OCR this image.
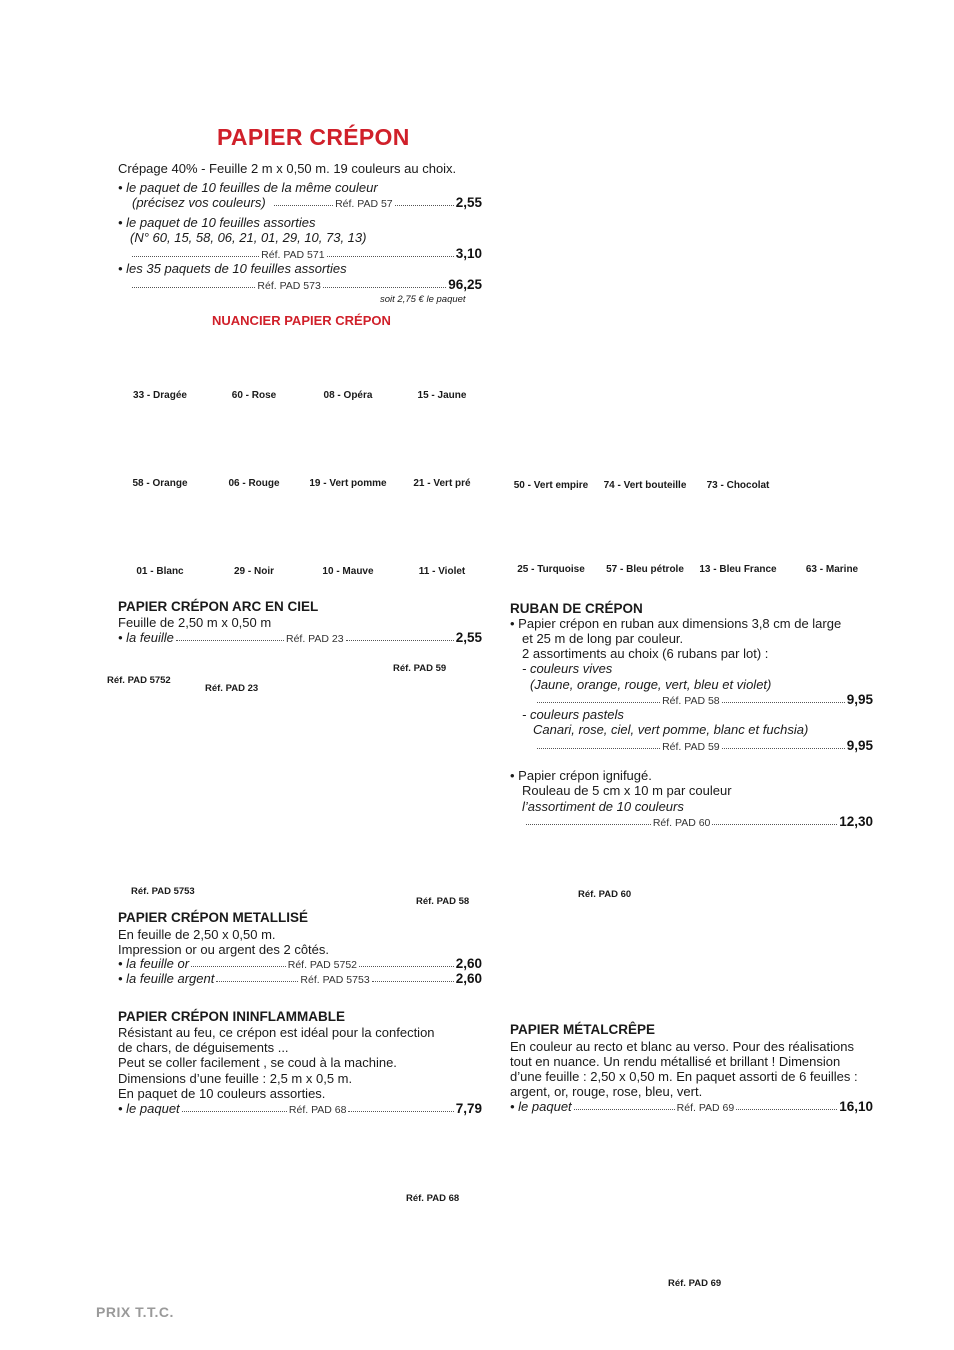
PAPIER CRÉPON
Crépage 40% - Feuille 2 m x 0,50 m. 19 couleurs au choix.
• le paquet de 10 feuilles de la même couleur
(précisez vos couleurs)	Réf. PAD 57	2,55
• le paquet de 10 feuilles assorties
(N° 60, 15, 58, 06, 21, 01, 29, 10, 73, 13)
Réf. PAD 571	3,10
• les 35 paquets de 10 feuilles assorties
Réf. PAD 573	96,25
soit 2,75 € le paquet
NUANCIER PAPIER CRÉPON
33 - Dragée	60 - Rose	08 - Opéra	15 - Jaune
58 - Orange	06 - Rouge	19 - Vert pomme	21 - Vert pré	50 - Vert empire	74 - Vert bouteille	73 - Chocolat
01 - Blanc	29 - Noir	10 - Mauve	11 - Violet	25 - Turquoise	57 - Bleu pétrole	13 - Bleu France	63 - Marine
PAPIER CRÉPON ARC EN CIEL
Feuille de 2,50 m x 0,50 m
• la feuille	Réf. PAD 23	2,55
RUBAN DE CRÉPON
• Papier crépon en ruban aux dimensions 3,8 cm de large
et 25 m de long par couleur.
2 assortiments au choix (6 rubans par lot) :
- couleurs vives
(Jaune, orange, rouge, vert, bleu et violet)
Réf. PAD 58	9,95
- couleurs pastels
Canari, rose, ciel, vert pomme, blanc et fuchsia)
Réf. PAD 59	9,95
• Papier crépon ignifugé.
Rouleau de 5 cm x 10 m par couleur
l’assortiment de 10 couleurs
Réf. PAD 60	12,30
Réf. PAD 59
Réf. PAD 5752
Réf. PAD 23
Réf. PAD 5753
Réf. PAD 58
Réf. PAD 60
Réf. PAD 68
Réf. PAD 69
PAPIER CRÉPON METALLISÉ
En feuille de 2,50 x 0,50 m.
Impression or ou argent des 2 côtés.
• la feuille or	Réf. PAD 5752	2,60
• la feuille argent	Réf. PAD 5753	2,60
PAPIER CRÉPON ININFLAMMABLE
Résistant au feu, ce crépon est idéal pour la confection
de chars, de déguisements ...
Peut se coller facilement , se coud à la machine.
Dimensions d’une feuille : 2,5 m x 0,5 m.
En paquet de 10 couleurs assorties.
• le paquet	Réf. PAD 68	7,79
PAPIER MÉTALCRÊPE
En couleur au recto et blanc au verso. Pour des réalisations
tout en nuance. Un rendu métallisé et brillant ! Dimension
d’une feuille : 2,50 x 0,50 m. En paquet assorti de 6 feuilles :
argent, or, rouge, rose, bleu, vert.
• le paquet	Réf. PAD 69	16,10
PRIX T.T.C.
